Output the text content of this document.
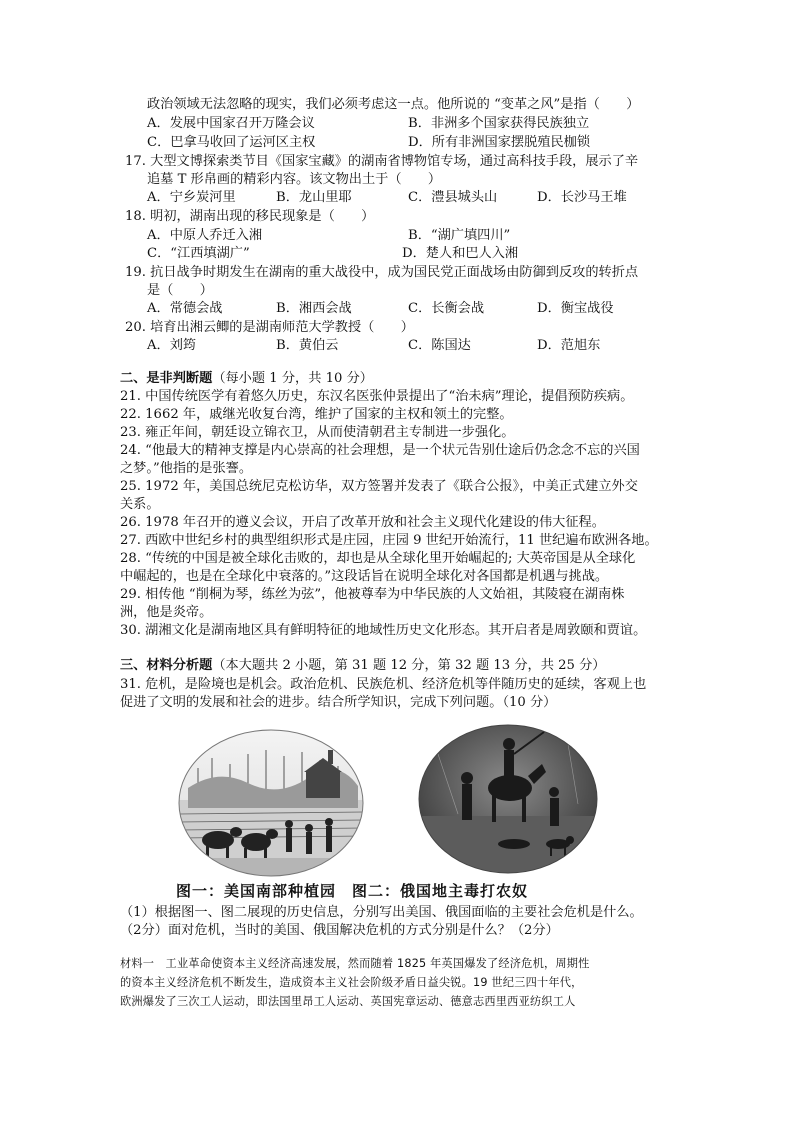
政治领域无法忽略的现实，我们必须考虑这一点。他所说的 “变革之风”是指（　　）
A．发展中国家召开万隆会议	B．非洲多个国家获得民族独立
C．巴拿马收回了运河区主权	D．所有非洲国家摆脱殖民枷锁
17. 大型文博探索类节目《国家宝藏》的湖南省博物馆专场，通过高科技手段，展示了辛
追墓 T 形帛画的精彩内容。该文物出土于（　　）
A．宁乡炭河里	B．龙山里耶	C．澧县城头山	D．长沙马王堆
18. 明初，湖南出现的移民现象是（　　）
A．中原人乔迁入湘	B．“湖广填四川”
C．“江西填湖广”	D．楚人和巴人入湘
19. 抗日战争时期发生在湖南的重大战役中，成为国民党正面战场由防御到反攻的转折点
是（　　）
A．常德会战	B．湘西会战	C．长衡会战	D．衡宝战役
20. 培育出湘云鲫的是湖南师范大学教授（　　）
A．刘筠	B．黄伯云	C．陈国达	D．范旭东
二、是非判断题（每小题 1 分，共 10 分）
21. 中国传统医学有着悠久历史，东汉名医张仲景提出了“治未病”理论，提倡预防疾病。
22. 1662 年，戚继光收复台湾，维护了国家的主权和领土的完整。
23. 雍正年间，朝廷设立锦衣卫，从而使清朝君主专制进一步强化。
24. “他最大的精神支撑是内心崇高的社会理想，是一个状元告别仕途后仍念念不忘的兴国
之梦。”他指的是张謇。
25. 1972 年，美国总统尼克松访华，双方签署并发表了《联合公报》，中美正式建立外交
关系。
26. 1978 年召开的遵义会议，开启了改革开放和社会主义现代化建设的伟大征程。
27. 西欧中世纪乡村的典型组织形式是庄园，庄园 9 世纪开始流行，11 世纪遍布欧洲各地。
28. “传统的中国是被全球化击败的，却也是从全球化里开始崛起的; 大英帝国是从全球化
中崛起的，也是在全球化中衰落的。”这段话旨在说明全球化对各国都是机遇与挑战。
29. 相传他 “削桐为琴，练丝为弦”，他被尊奉为中华民族的人文始祖，其陵寝在湖南株
洲，他是炎帝。
30. 湖湘文化是湖南地区具有鲜明特征的地域性历史文化形态。其开启者是周敦颐和贾谊。
三、材料分析题（本大题共 2 小题，第 31 题 12 分，第 32 题 13 分，共 25 分）
31. 危机，是险境也是机会。政治危机、民族危机、经济危机等伴随历史的延续，客观上也
促进了文明的发展和社会的进步。结合所学知识，完成下列问题。（10 分）
图一：美国南部种植园　图二：俄国地主毒打农奴
（1）根据图一、图二展现的历史信息，分别写出美国、俄国面临的主要社会危机是什么。
（2分）面对危机，当时的美国、俄国解决危机的方式分别是什么？（2分）
材料一　工业革命使资本主义经济高速发展，然而随着 1825 年英国爆发了经济危机，周期性
的资本主义经济危机不断发生，造成资本主义社会阶级矛盾日益尖锐。19 世纪三四十年代，
欧洲爆发了三次工人运动，即法国里昂工人运动、英国宪章运动、德意志西里西亚纺织工人
